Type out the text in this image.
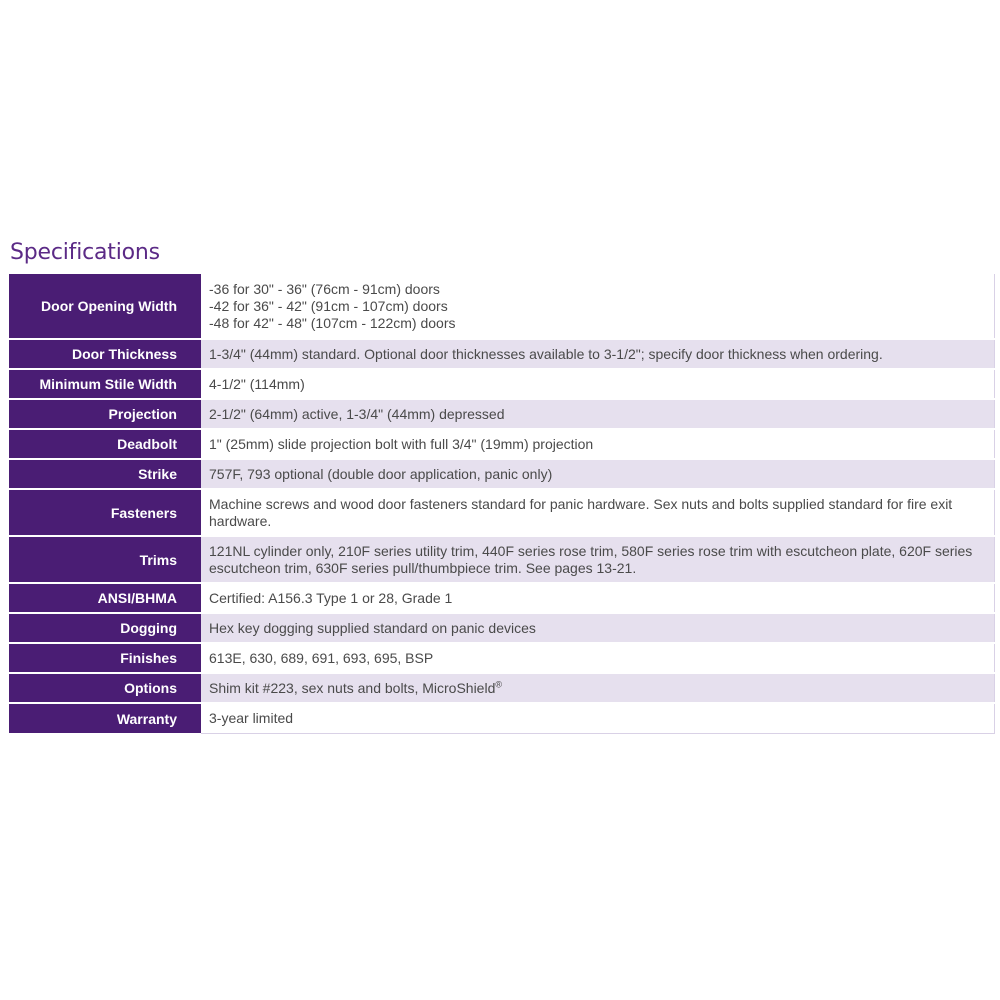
Specifications
Door Opening Width	-36 for 30" - 36" (76cm - 91cm) doors
-42 for 36" - 42" (91cm - 107cm) doors
-48 for 42" - 48" (107cm - 122cm) doors

Door Thickness	1-3/4" (44mm) standard. Optional door thicknesses available to 3-1/2"; specify door thickness when ordering.

Minimum Stile Width	4-1/2" (114mm)

Projection	2-1/2" (64mm) active, 1-3/4" (44mm) depressed

Deadbolt	1" (25mm) slide projection bolt with full 3/4" (19mm) projection

Strike	757F, 793 optional (double door application, panic only)

Fasteners	Machine screws and wood door fasteners standard for panic hardware. Sex nuts and bolts supplied standard for fire exit hardware.

Trims	121NL cylinder only, 210F series utility trim, 440F series rose trim, 580F series rose trim with escutcheon plate, 620F series escutcheon trim, 630F series pull/thumbpiece trim. See pages 13-21.

ANSI/BHMA	Certified: A156.3 Type 1 or 28, Grade 1

Dogging	Hex key dogging supplied standard on panic devices

Finishes	613E, 630, 689, 691, 693, 695, BSP

Options	Shim kit #223, sex nuts and bolts, MicroShield®

Warranty	3-year limited
